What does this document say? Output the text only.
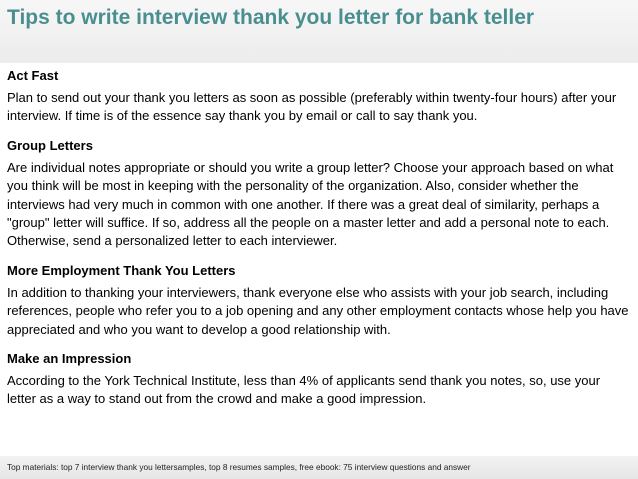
Tips to write interview thank you letter for bank teller
Act Fast

Plan to send out your thank you letters as soon as possible (preferably within twenty-four hours) after your interview. If time is of the essence say thank you by email or call to say thank you.

Group Letters

Are individual notes appropriate or should you write a group letter? Choose your approach based on what you think will be most in keeping with the personality of the organization. Also, consider whether the interviews had very much in common with one another. If there was a great deal of similarity, perhaps a "group" letter will suffice. If so, address all the people on a master letter and add a personal note to each. Otherwise, send a personalized letter to each interviewer.

More Employment Thank You Letters

In addition to thanking your interviewers, thank everyone else who assists with your job search, including references, people who refer you to a job opening and any other employment contacts whose help you have appreciated and who you want to develop a good relationship with.

Make an Impression

According to the York Technical Institute, less than 4% of applicants send thank you notes, so, use your letter as a way to stand out from the crowd and make a good impression.

Top materials: top 7 interview thank you lettersamples, top 8 resumes samples, free ebook: 75 interview questions and answer
